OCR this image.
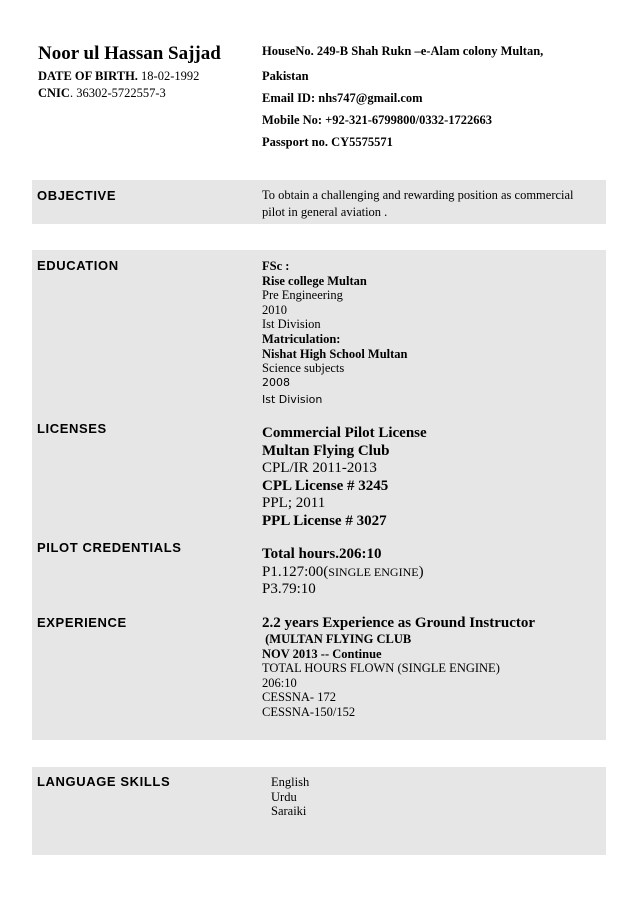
Noor ul Hassan Sajjad
DATE OF BIRTH. 18-02-1992
CNIC. 36302-5722557-3
HouseNo. 249-B Shah Rukn –e-Alam colony Multan,
Pakistan
Email ID: nhs747@gmail.com
Mobile No: +92-321-6799800/0332-1722663
Passport no. CY5575571
OBJECTIVE	To obtain a challenging and rewarding position as commercial
pilot in general aviation .
EDUCATION	FSc :
Rise college Multan
Pre Engineering
2010
Ist Division
Matriculation:
Nishat High School Multan
Science subjects
2008
Ist Division
LICENSES	Commercial Pilot License
Multan Flying Club
CPL/IR 2011-2013
CPL License # 3245
PPL; 2011
PPL License # 3027
PILOT CREDENTIALS	Total hours.206:10
P1.127:00(SINGLE ENGINE)
P3.79:10
EXPERIENCE	2.2 years Experience as Ground Instructor
(MULTAN FLYING CLUB
NOV 2013 -- Continue
TOTAL HOURS FLOWN (SINGLE ENGINE)
206:10
CESSNA- 172
CESSNA-150/152
LANGUAGE SKILLS	English
Urdu
Saraiki
